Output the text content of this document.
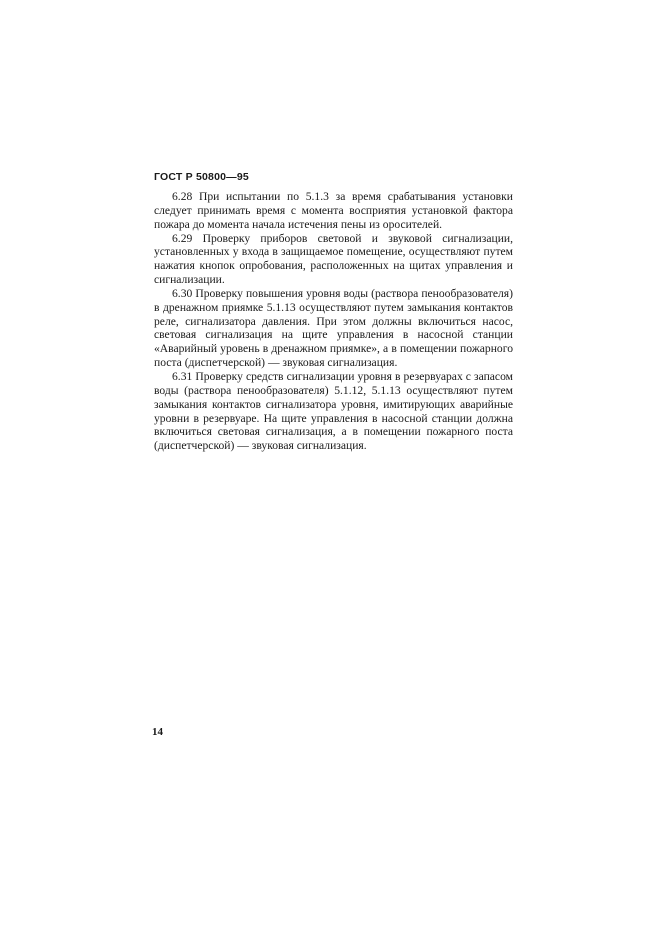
ГОСТ Р 50800—95

6.28 При испытании по 5.1.3 за время срабатывания установки следует принимать время с момента восприятия установкой фактора пожара до момента начала истечения пены из оросителей.

6.29 Проверку приборов световой и звуковой сигнализации, установленных у входа в защищаемое помещение, осуществляют путем нажатия кнопок опробования, расположенных на щитах управления и сигнализации.

6.30 Проверку повышения уровня воды (раствора пенообразователя) в дренажном приямке 5.1.13 осуществляют путем замыкания контактов реле, сигнализатора давления. При этом должны включиться насос, световая сигнализация на щите управления в насосной станции «Аварийный уровень в дренажном приямке», а в помещении пожарного поста (диспетчерской) — звуковая сигнализация.

6.31 Проверку средств сигнализации уровня в резервуарах с запасом воды (раствора пенообразователя) 5.1.12, 5.1.13 осуществляют путем замыкания контактов сигнализатора уровня, имитирующих аварийные уровни в резервуаре. На щите управления в насосной станции должна включиться световая сигнализация, а в помещении пожарного поста (диспетчерской) — звуковая сигнализация.

14
